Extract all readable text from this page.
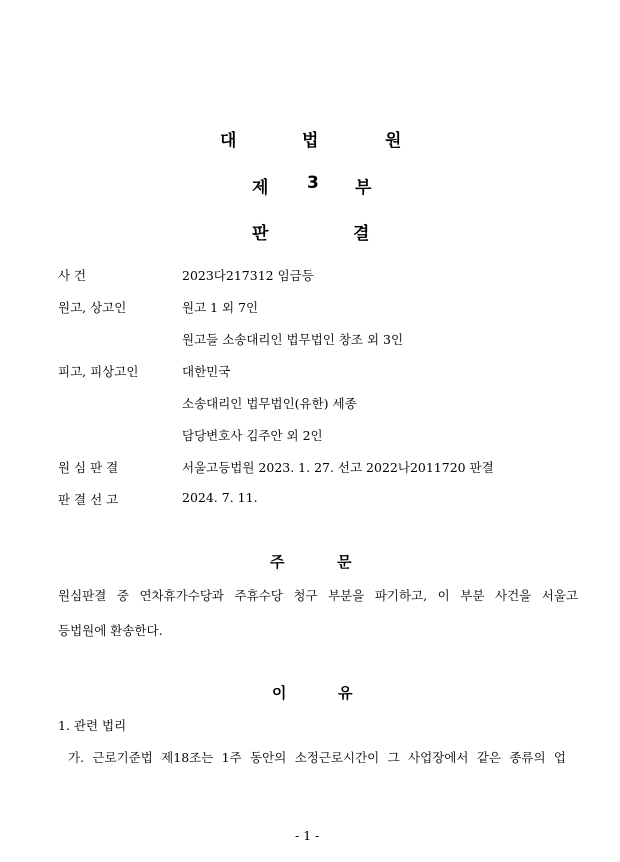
대	법	원
제 3 부
판	결
사 건	2023다217312 임금등
원고, 상고인	원고 1 외 7인
원고들 소송대리인 법무법인 창조 외 3인
피고, 피상고인	대한민국
소송대리인 법무법인(유한) 세종
담당변호사 김주안 외 2인
원 심 판 결	서울고등법원 2023. 1. 27. 선고 2022나2011720 판결
판 결 선 고	2024. 7. 11.
주	문
원심판결 중 연차휴가수당과 주휴수당 청구 부분을 파기하고, 이 부분 사건을 서울고
등법원에 환송한다.
이	유
1. 관련 법리
가. 근로기준법 제18조는 1주 동안의 소정근로시간이 그 사업장에서 같은 종류의 업
- 1 -
